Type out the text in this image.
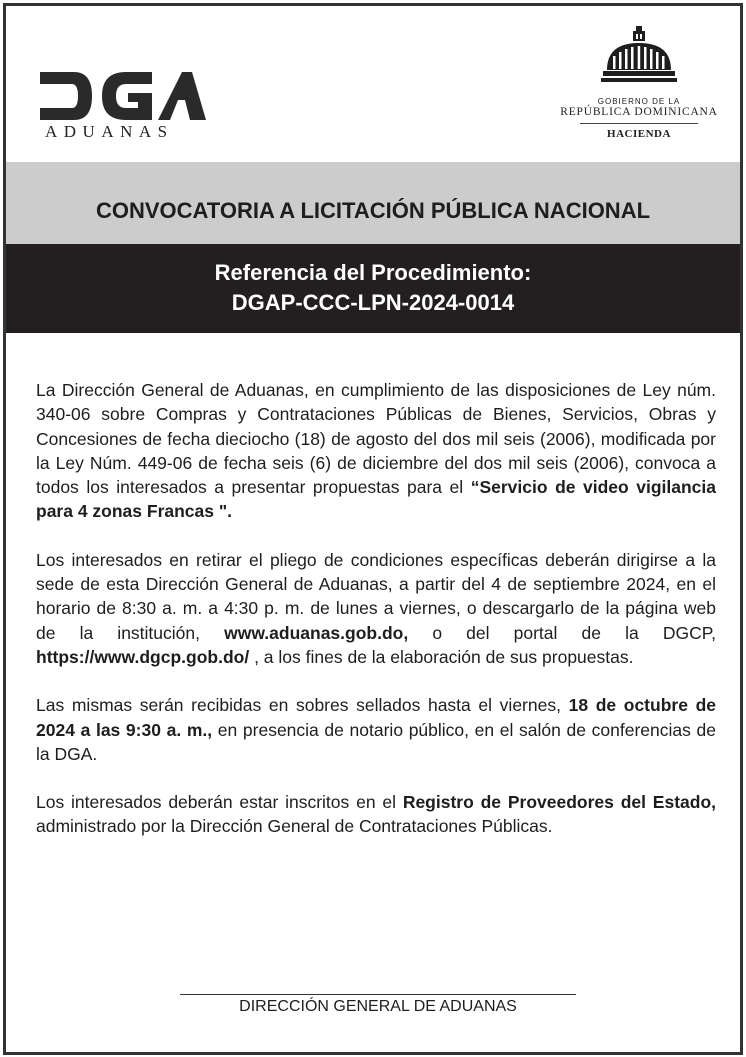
ADUANAS
GOBIERNO DE LA
REPÚBLICA DOMINICANA
HACIENDA
CONVOCATORIA A LICITACIÓN PÚBLICA NACIONAL
Referencia del Procedimiento:
DGAP-CCC-LPN-2024-0014

La Dirección General de Aduanas, en cumplimiento de las disposiciones de Ley núm. 340-06 sobre Compras y Contrataciones Públicas de Bienes, Servicios, Obras y Concesiones de fecha dieciocho (18) de agosto del dos mil seis (2006), modificada por la Ley Núm. 449-06 de fecha seis (6) de diciembre del dos mil seis (2006), convoca a todos los interesados a presentar propuestas para el “Servicio de video vigilancia para 4 zonas Francas ".

Los interesados en retirar el pliego de condiciones específicas deberán dirigirse a la sede de esta Dirección General de Aduanas, a partir del 4 de septiembre 2024, en el horario de 8:30 a. m. a 4:30 p. m. de lunes a viernes, o descargarlo de la página web de la institución, www.aduanas.gob.do, o del portal de la DGCP, https://www.dgcp.gob.do/ , a los fines de la elaboración de sus propuestas.

Las mismas serán recibidas en sobres sellados hasta el viernes, 18 de octubre de 2024 a las 9:30 a. m., en presencia de notario público, en el salón de conferencias de la DGA.

Los interesados deberán estar inscritos en el Registro de Proveedores del Estado, administrado por la Dirección General de Contrataciones Públicas.

DIRECCIÓN GENERAL DE ADUANAS
